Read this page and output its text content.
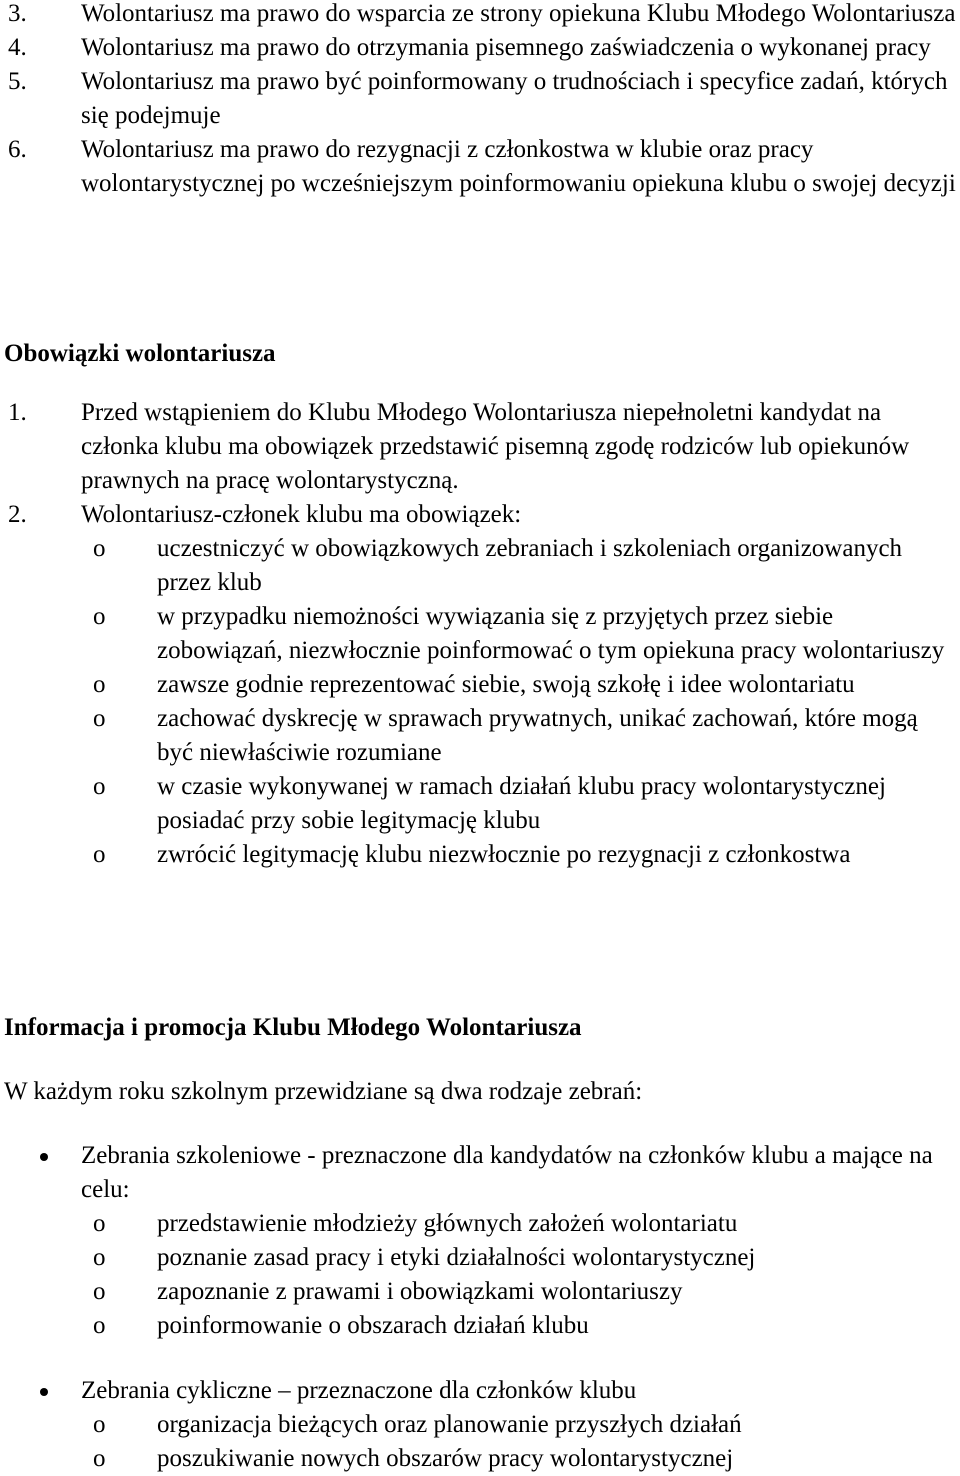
3. Wolontariusz ma prawo do wsparcia ze strony opiekuna Klubu Młodego Wolontariusza
4. Wolontariusz ma prawo do otrzymania pisemnego zaświadczenia o wykonanej pracy
5. Wolontariusz ma prawo być poinformowany o trudnościach i specyfice zadań, których się podejmuje
6. Wolontariusz ma prawo do rezygnacji z członkostwa w klubie oraz pracy wolontarystycznej po wcześniejszym poinformowaniu opiekuna klubu o swojej decyzji
Obowiązki wolontariusza
1. Przed wstąpieniem do Klubu Młodego Wolontariusza niepełnoletni kandydat na członka klubu ma obowiązek przedstawić pisemną zgodę rodziców lub opiekunów prawnych na pracę wolontarystyczną.
2. Wolontariusz-członek klubu ma obowiązek:
o uczestniczyć w obowiązkowych zebraniach i szkoleniach organizowanych przez klub
o w przypadku niemożności wywiązania się z przyjętych przez siebie zobowiązań, niezwłocznie poinformować o tym opiekuna pracy wolontariuszy
o zawsze godnie reprezentować siebie, swoją szkołę i idee wolontariatu
o zachować dyskrecję w sprawach prywatnych, unikać zachowań, które mogą być niewłaściwie rozumiane
o w czasie wykonywanej w ramach działań klubu pracy wolontarystycznej posiadać przy sobie legitymację klubu
o zwrócić legitymację klubu niezwłocznie po rezygnacji z członkostwa
Informacja i promocja Klubu Młodego Wolontariusza

W każdym roku szkolnym przewidziane są dwa rodzaje zebrań:

Zebrania szkoleniowe - preznaczone dla kandydatów na członków klubu a mające na celu:
o przedstawienie młodzieży głównych założeń wolontariatu
o poznanie zasad pracy i etyki działalności wolontarystycznej
o zapoznanie z prawami i obowiązkami wolontariuszy
o poinformowanie o obszarach działań klubu
Zebrania cykliczne – przeznaczone dla członków klubu
o organizacja bieżących oraz planowanie przyszłych działań
o poszukiwanie nowych obszarów pracy wolontarystycznej
